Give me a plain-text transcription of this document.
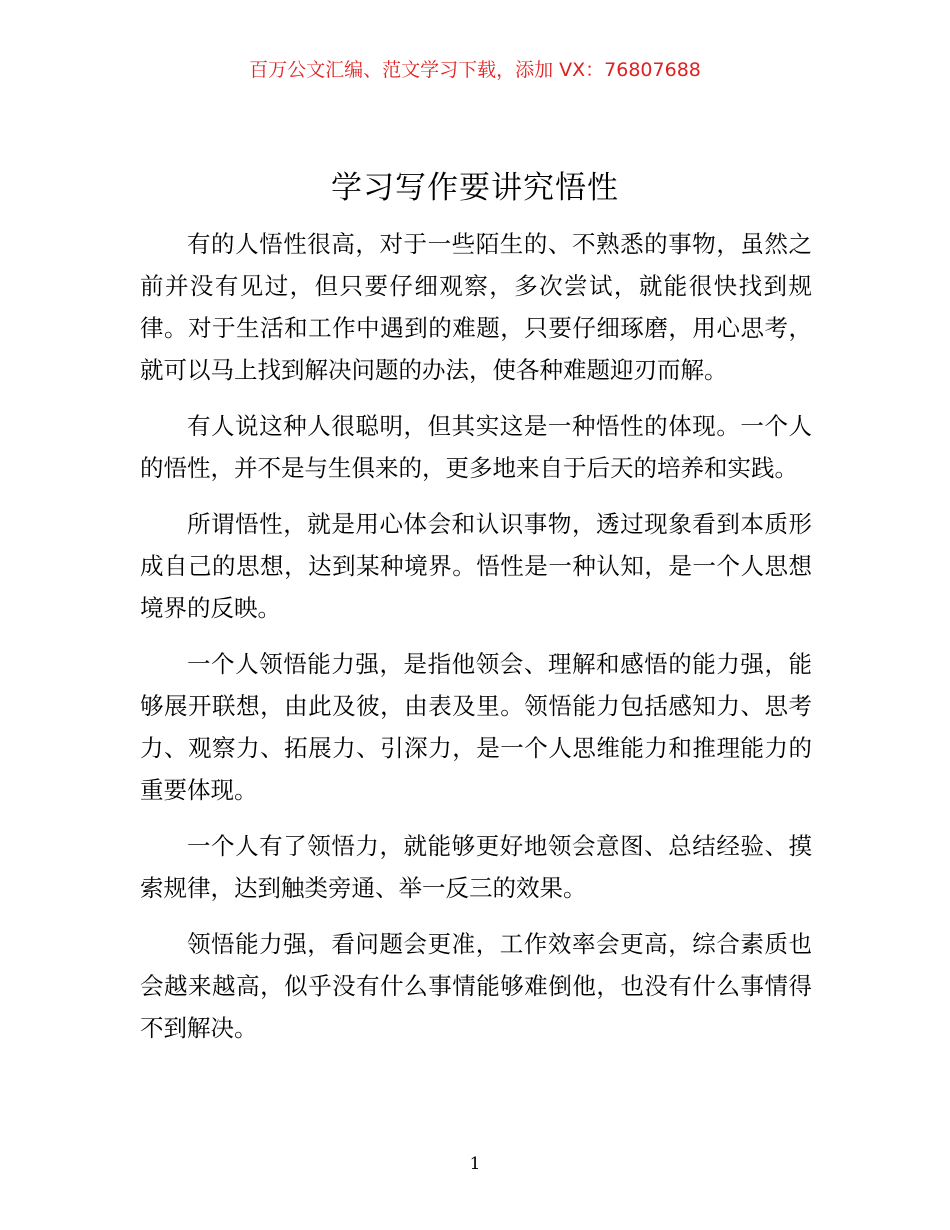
百万公文汇编、范文学习下载，添加 VX：76807688
学习写作要讲究悟性

有的人悟性很高，对于一些陌生的、不熟悉的事物，虽然之前并没有见过，但只要仔细观察，多次尝试，就能很快找到规律。对于生活和工作中遇到的难题，只要仔细琢磨，用心思考，就可以马上找到解决问题的办法，使各种难题迎刃而解。

有人说这种人很聪明，但其实这是一种悟性的体现。一个人的悟性，并不是与生俱来的，更多地来自于后天的培养和实践。

所谓悟性，就是用心体会和认识事物，透过现象看到本质形成自己的思想，达到某种境界。悟性是一种认知，是一个人思想境界的反映。

一个人领悟能力强，是指他领会、理解和感悟的能力强，能够展开联想，由此及彼，由表及里。领悟能力包括感知力、思考力、观察力、拓展力、引深力，是一个人思维能力和推理能力的重要体现。

一个人有了领悟力，就能够更好地领会意图、总结经验、摸索规律，达到触类旁通、举一反三的效果。

领悟能力强，看问题会更准，工作效率会更高，综合素质也会越来越高，似乎没有什么事情能够难倒他，也没有什么事情得不到解决。

1
